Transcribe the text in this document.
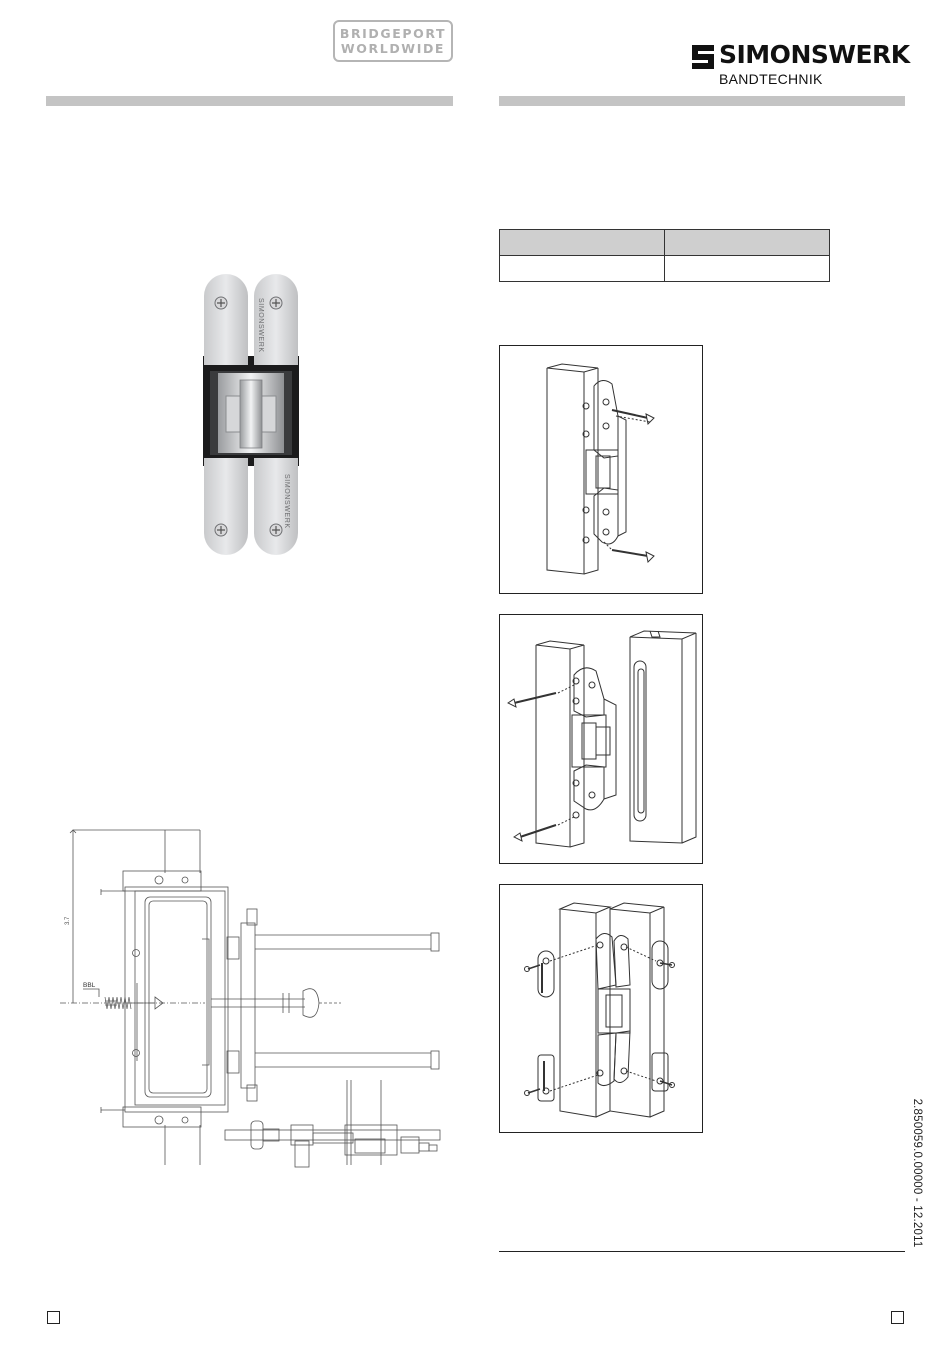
BRIDGEPORT
WORLDWIDE	SIMONSWERK
BANDTECHNIK
SIMONSWERK
SIMONSWERK

3.7
BBL
2.850059.0.00000 - 12.2011
